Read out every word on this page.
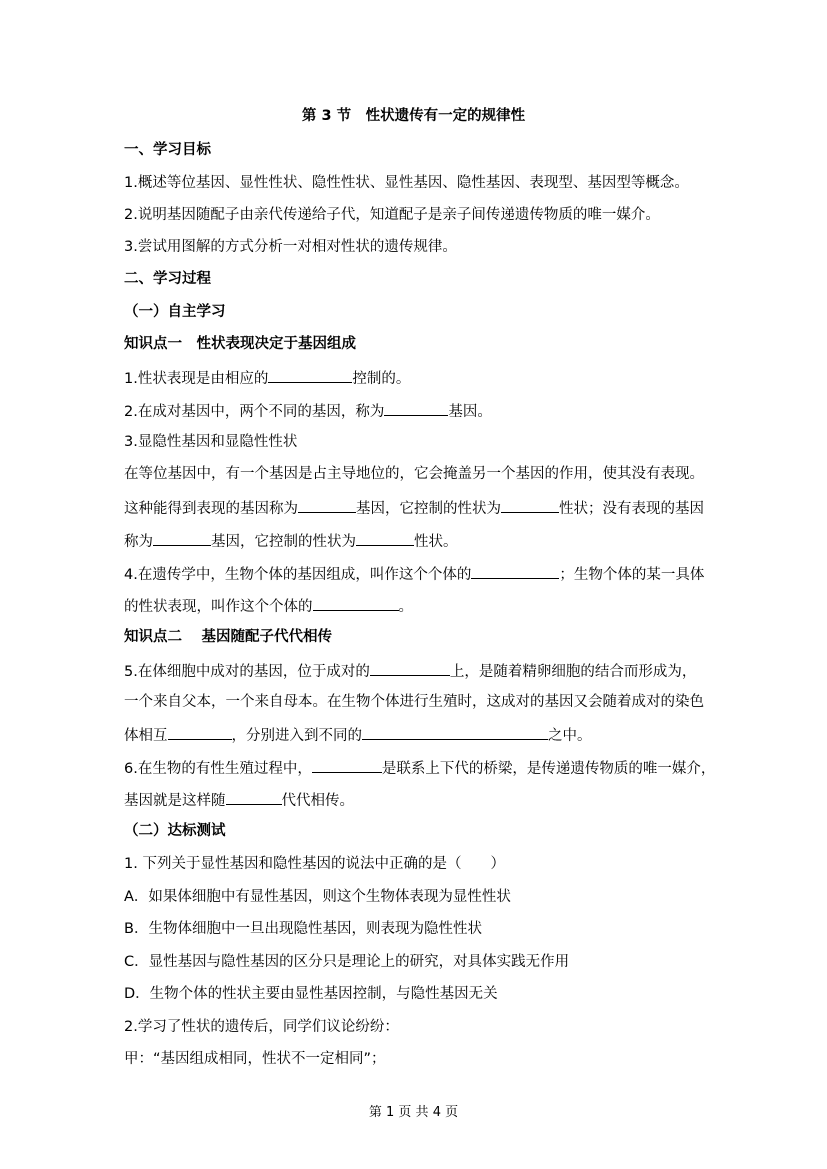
第 3 节　性状遗传有一定的规律性
一、学习目标
1.概述等位基因、显性性状、隐性性状、显性基因、隐性基因、表现型、基因型等概念。
2.说明基因随配子由亲代传递给子代，知道配子是亲子间传递遗传物质的唯一媒介。
3.尝试用图解的方式分析一对相对性状的遗传规律。
二、学习过程
（一）自主学习
知识点一　性状表现决定于基因组成
1.性状表现是由相应的	控制的。
2.在成对基因中，两个不同的基因，称为	基因。
3.显隐性基因和显隐性性状
在等位基因中，有一个基因是占主导地位的，它会掩盖另一个基因的作用，使其没有表现。
这种能得到表现的基因称为	基因，它控制的性状为	性状；没有表现的基因
称为	基因，它控制的性状为	性状。
4.在遗传学中，生物个体的基因组成，叫作这个个体的	；生物个体的某一具体
的性状表现，叫作这个个体的	。
知识点二　 基因随配子代代相传
5.在体细胞中成对的基因，位于成对的	上，是随着精卵细胞的结合而形成为，
一个来自父本，一个来自母本。在生物个体进行生殖时，这成对的基因又会随着成对的染色
体相互	，分别进入到不同的	之中。
6.在生物的有性生殖过程中，	是联系上下代的桥梁，是传递遗传物质的唯一媒介，
基因就是这样随	代代相传。
（二）达标测试
1. 下列关于显性基因和隐性基因的说法中正确的是（　　）
A．如果体细胞中有显性基因，则这个生物体表现为显性性状
B．生物体细胞中一旦出现隐性基因，则表现为隐性性状
C．显性基因与隐性基因的区分只是理论上的研究，对具体实践无作用
D．生物个体的性状主要由显性基因控制，与隐性基因无关
2.学习了性状的遗传后，同学们议论纷纷：
甲：“基因组成相同，性状不一定相同”；
第 1 页 共 4 页
